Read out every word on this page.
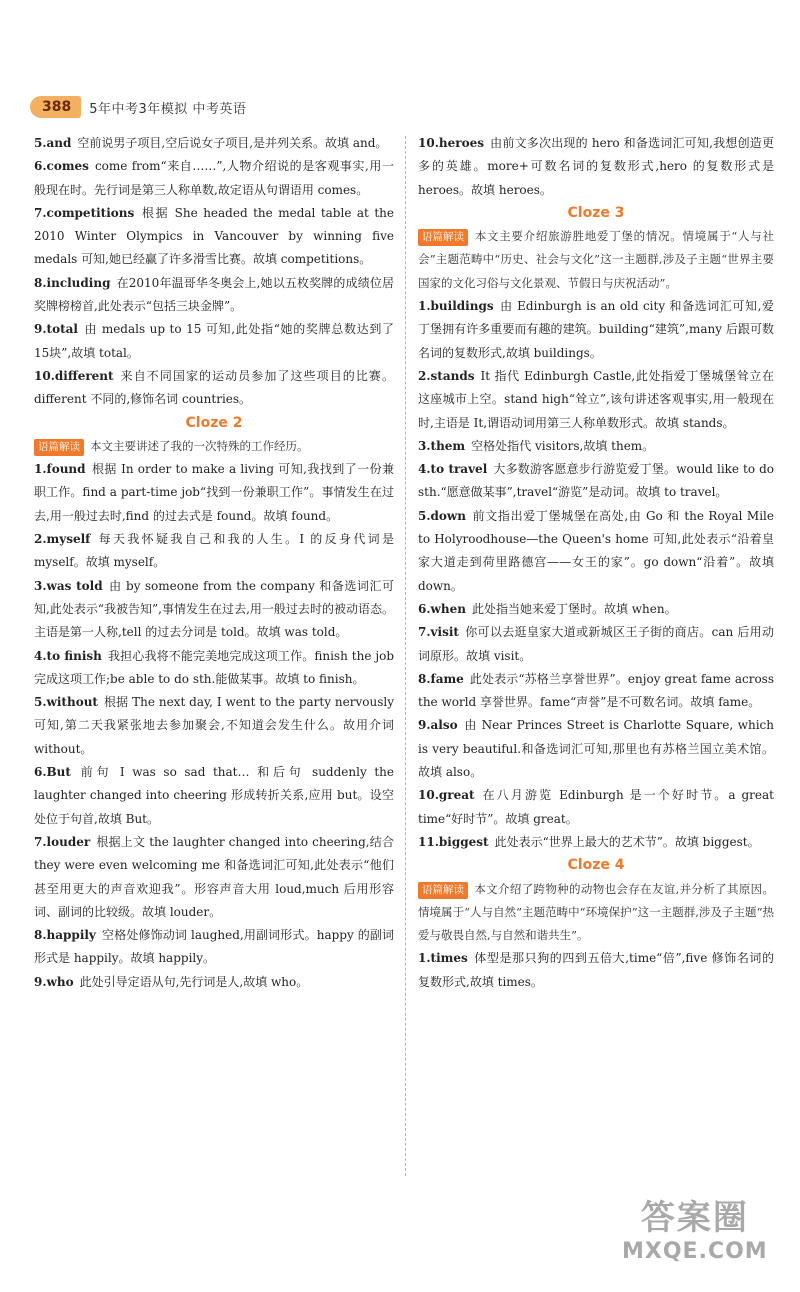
388	5年中考3年模拟 中考英语

5.and 空前说男子项目,空后说女子项目,是并列关系。故填 and。

6.comes come from“来自……”,人物介绍说的是客观事实,用一般现在时。先行词是第三人称单数,故定语从句谓语用 comes。

7.competitions 根据 She headed the medal table at the 2010 Winter Olympics in Vancouver by winning five medals 可知,她已经赢了许多滑雪比赛。故填 competitions。

8.including 在2010年温哥华冬奥会上,她以五枚奖牌的成绩位居奖牌榜榜首,此处表示“包括三块金牌”。

9.total 由 medals up to 15 可知,此处指“她的奖牌总数达到了15块”,故填 total。

10.different 来自不同国家的运动员参加了这些项目的比赛。different 不同的,修饰名词 countries。

Cloze 2

语篇解读 本文主要讲述了我的一次特殊的工作经历。

1.found 根据 In order to make a living 可知,我找到了一份兼职工作。find a part-time job“找到一份兼职工作”。事情发生在过去,用一般过去时,find 的过去式是 found。故填 found。

2.myself 每天我怀疑我自己和我的人生。I 的反身代词是 myself。故填 myself。

3.was told 由 by someone from the company 和备选词汇可知,此处表示“我被告知”,事情发生在过去,用一般过去时的被动语态。主语是第一人称,tell 的过去分词是 told。故填 was told。

4.to finish 我担心我将不能完美地完成这项工作。finish the job 完成这项工作;be able to do sth.能做某事。故填 to finish。

5.without 根据 The next day, I went to the party nervously 可知,第二天我紧张地去参加聚会,不知道会发生什么。故用介词 without。

6.But 前句 I was so sad that… 和后句 suddenly the laughter changed into cheering 形成转折关系,应用 but。设空处位于句首,故填 But。

7.louder 根据上文 the laughter changed into cheering,结合 they were even welcoming me 和备选词汇可知,此处表示“他们甚至用更大的声音欢迎我”。形容声音大用 loud,much 后用形容词、副词的比较级。故填 louder。

8.happily 空格处修饰动词 laughed,用副词形式。happy 的副词形式是 happily。故填 happily。

9.who 此处引导定语从句,先行词是人,故填 who。

10.heroes 由前文多次出现的 hero 和备选词汇可知,我想创造更多的英雄。more+可数名词的复数形式,hero 的复数形式是 heroes。故填 heroes。

Cloze 3

语篇解读 本文主要介绍旅游胜地爱丁堡的情况。情境属于“人与社会”主题范畴中“历史、社会与文化”这一主题群,涉及子主题“世界主要国家的文化习俗与文化景观、节假日与庆祝活动”。

1.buildings 由 Edinburgh is an old city 和备选词汇可知,爱丁堡拥有许多重要而有趣的建筑。building“建筑”,many 后跟可数名词的复数形式,故填 buildings。

2.stands It 指代 Edinburgh Castle,此处指爱丁堡城堡耸立在这座城市上空。stand high“耸立”,该句讲述客观事实,用一般现在时,主语是 It,谓语动词用第三人称单数形式。故填 stands。

3.them 空格处指代 visitors,故填 them。

4.to travel 大多数游客愿意步行游览爱丁堡。would like to do sth.“愿意做某事”,travel“游览”是动词。故填 to travel。

5.down 前文指出爱丁堡城堡在高处,由 Go 和 the Royal Mile to Holyroodhouse—the Queen's home 可知,此处表示“沿着皇家大道走到荷里路德宫——女王的家”。go down“沿着”。故填 down。

6.when 此处指当她来爱丁堡时。故填 when。

7.visit 你可以去逛皇家大道或新城区王子街的商店。can 后用动词原形。故填 visit。

8.fame 此处表示“苏格兰享誉世界”。enjoy great fame across the world 享誉世界。fame“声誉”是不可数名词。故填 fame。

9.also 由 Near Princes Street is Charlotte Square, which is very beautiful.和备选词汇可知,那里也有苏格兰国立美术馆。故填 also。

10.great 在八月游览 Edinburgh 是一个好时节。a great time“好时节”。故填 great。

11.biggest 此处表示“世界上最大的艺术节”。故填 biggest。

Cloze 4

语篇解读 本文介绍了跨物种的动物也会存在友谊,并分析了其原因。情境属于“人与自然”主题范畴中“环境保护”这一主题群,涉及子主题“热爱与敬畏自然,与自然和谐共生”。

1.times 体型是那只狗的四到五倍大,time“倍”,five 修饰名词的复数形式,故填 times。

答案圈
MXQE.COM
